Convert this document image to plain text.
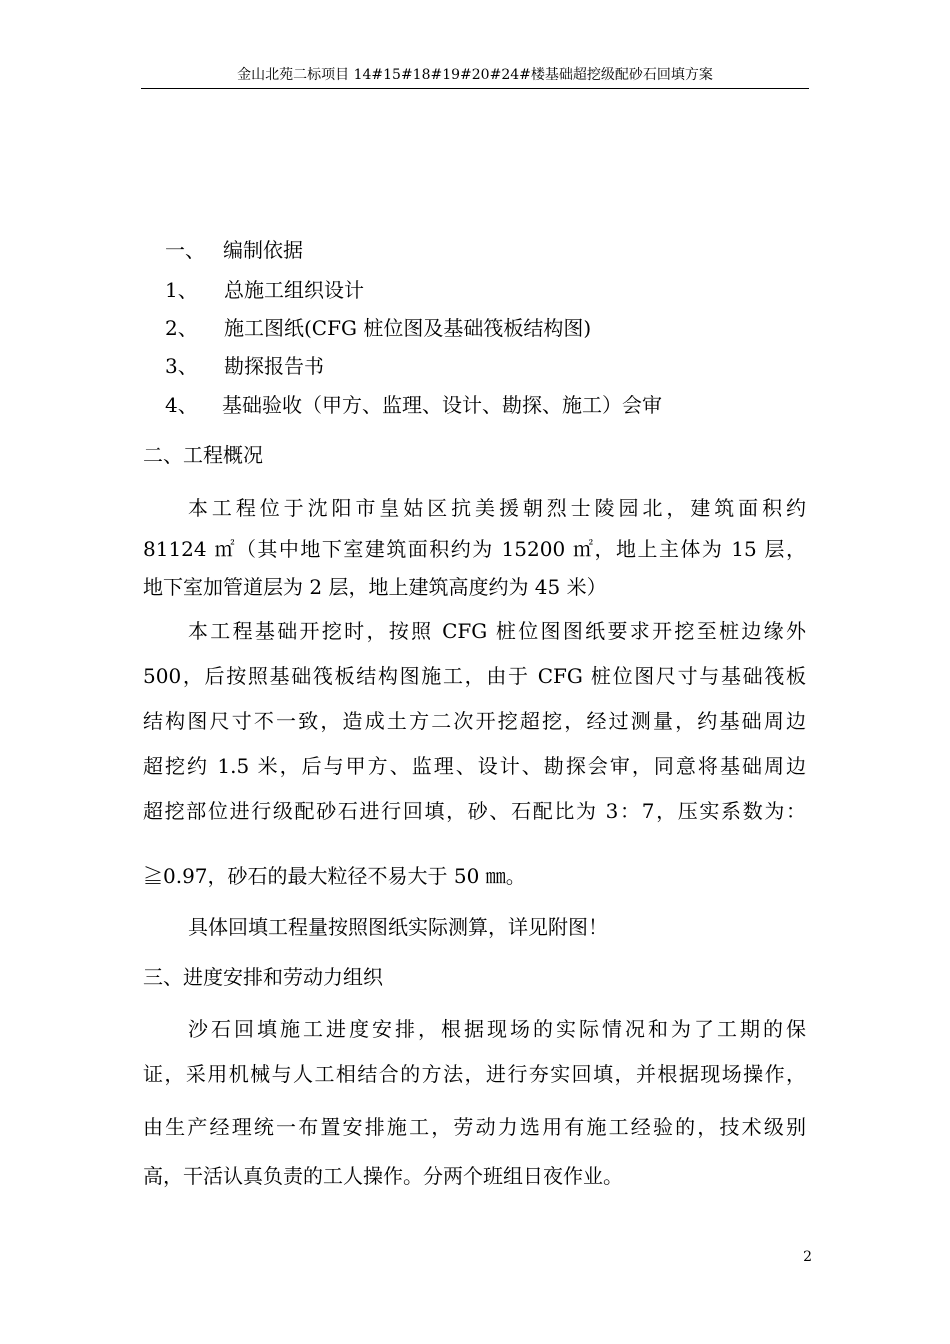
金山北苑二标项目 14#15#18#19#20#24#楼基础超挖级配砂石回填方案
一、 编制依据
1、 总施工组织设计
2、 施工图纸(CFG 桩位图及基础筏板结构图)
3、 勘探报告书
4、 基础验收（甲方、监理、设计、勘探、施工）会审
二、工程概况
本工程位于沈阳市皇姑区抗美援朝烈士陵园北，建筑面积约
81124 ㎡（其中地下室建筑面积约为 15200 ㎡，地上主体为 15 层，
地下室加管道层为 2 层，地上建筑高度约为 45 米）
本工程基础开挖时，按照 CFG 桩位图图纸要求开挖至桩边缘外
500，后按照基础筏板结构图施工，由于 CFG 桩位图尺寸与基础筏板
结构图尺寸不一致，造成土方二次开挖超挖，经过测量，约基础周边
超挖约 1.5 米，后与甲方、监理、设计、勘探会审，同意将基础周边
超挖部位进行级配砂石进行回填，砂、石配比为 3：7，压实系数为：
≧0.97，砂石的最大粒径不易大于 50 ㎜。
具体回填工程量按照图纸实际测算，详见附图！
三、进度安排和劳动力组织
沙石回填施工进度安排，根据现场的实际情况和为了工期的保
证，采用机械与人工相结合的方法，进行夯实回填，并根据现场操作，
由生产经理统一布置安排施工，劳动力选用有施工经验的，技术级别
高，干活认真负责的工人操作。分两个班组日夜作业。
2
